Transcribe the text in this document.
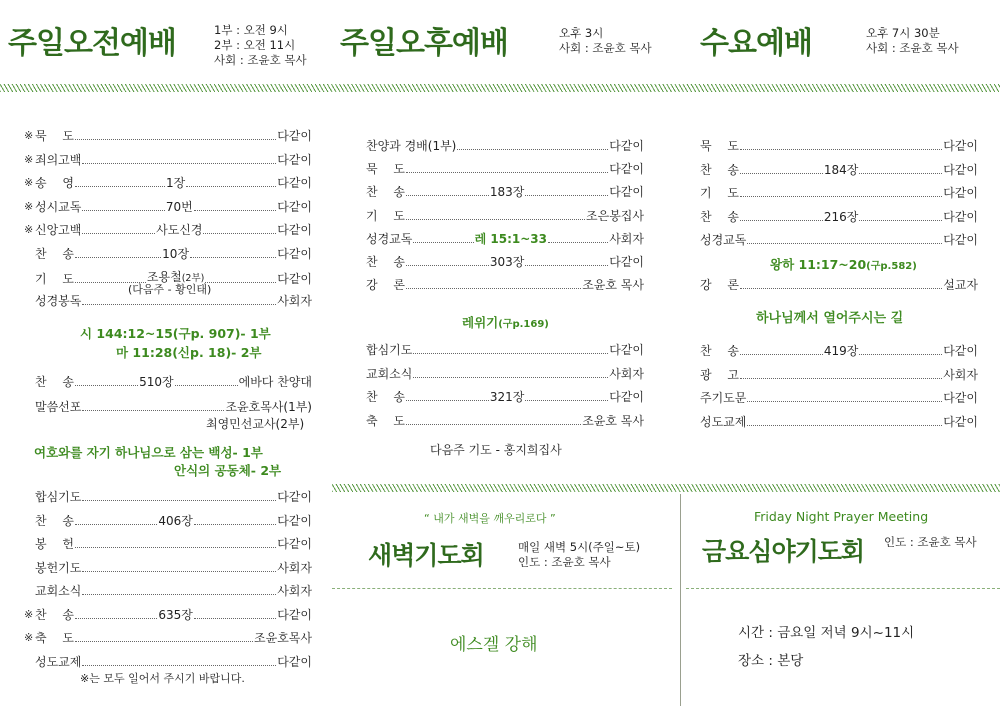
주일오전예배	1부 : 오전 9시
2부 : 오전 11시
사회 : 조윤호 목사 주일오후예배	오후 3시
사회 : 조윤호 목사 수요예배	오후 7시 30분
사회 : 조윤호 목사
※ 묵　 도	다같이
※ 죄의고백	다같이
※ 송　 영	1장	다같이
※ 성시교독	70번	다같이
※ 신앙고백	사도신경	다같이
찬　 송	10장	다같이
기　 도	조용철(2부)	다같이
성경봉독	사회자
(다음주 - 황인태)
시 144:12~15(구p. 907)- 1부
마 11:28(신p. 18)- 2부
찬　 송	510장	에바다 찬양대
말씀선포	조윤호목사(1부)
최영민선교사(2부)
여호와를 자기 하나님으로 삼는 백성- 1부
안식의 공동체- 2부
합심기도	다같이
찬　 송	406장	다같이
봉　 헌	다같이
봉헌기도	사회자
교회소식	사회자
※ 찬　 송	635장	다같이
※ 축　 도	조윤호목사
성도교제	다같이
※는 모두 일어서 주시기 바랍니다.
찬양과 경배(1부)	다같이
묵　 도	다같이
찬　 송	183장	다같이
기　 도	조은봉집사
성경교독	레 15:1~33	사회자
찬　 송	303장	다같이
강　 론	조윤호 목사
레위기(구p.169)
합심기도	다같이
교회소식	사회자
찬　 송	321장	다같이
축　 도	조윤호 목사
다음주 기도 - 홍지희집사
묵　 도	다같이
찬　 송	184장	다같이
기　 도	다같이
찬　 송	216장	다같이
성경교독	다같이
왕하 11:17~20(구p.582)
강　 론	설교자
하나님께서 열어주시는 길
찬　 송	419장	다같이
광　 고	사회자
주기도문	다같이
성도교제	다같이
“ 내가 새벽을 깨우리로다 ”
새벽기도회	매일 새벽 5시(주일~토)
인도 : 조윤호 목사
에스겔 강해
Friday Night Prayer Meeting
금요심야기도회 인도 : 조윤호 목사
시간 : 금요일 저녁 9시~11시
장소 : 본당
